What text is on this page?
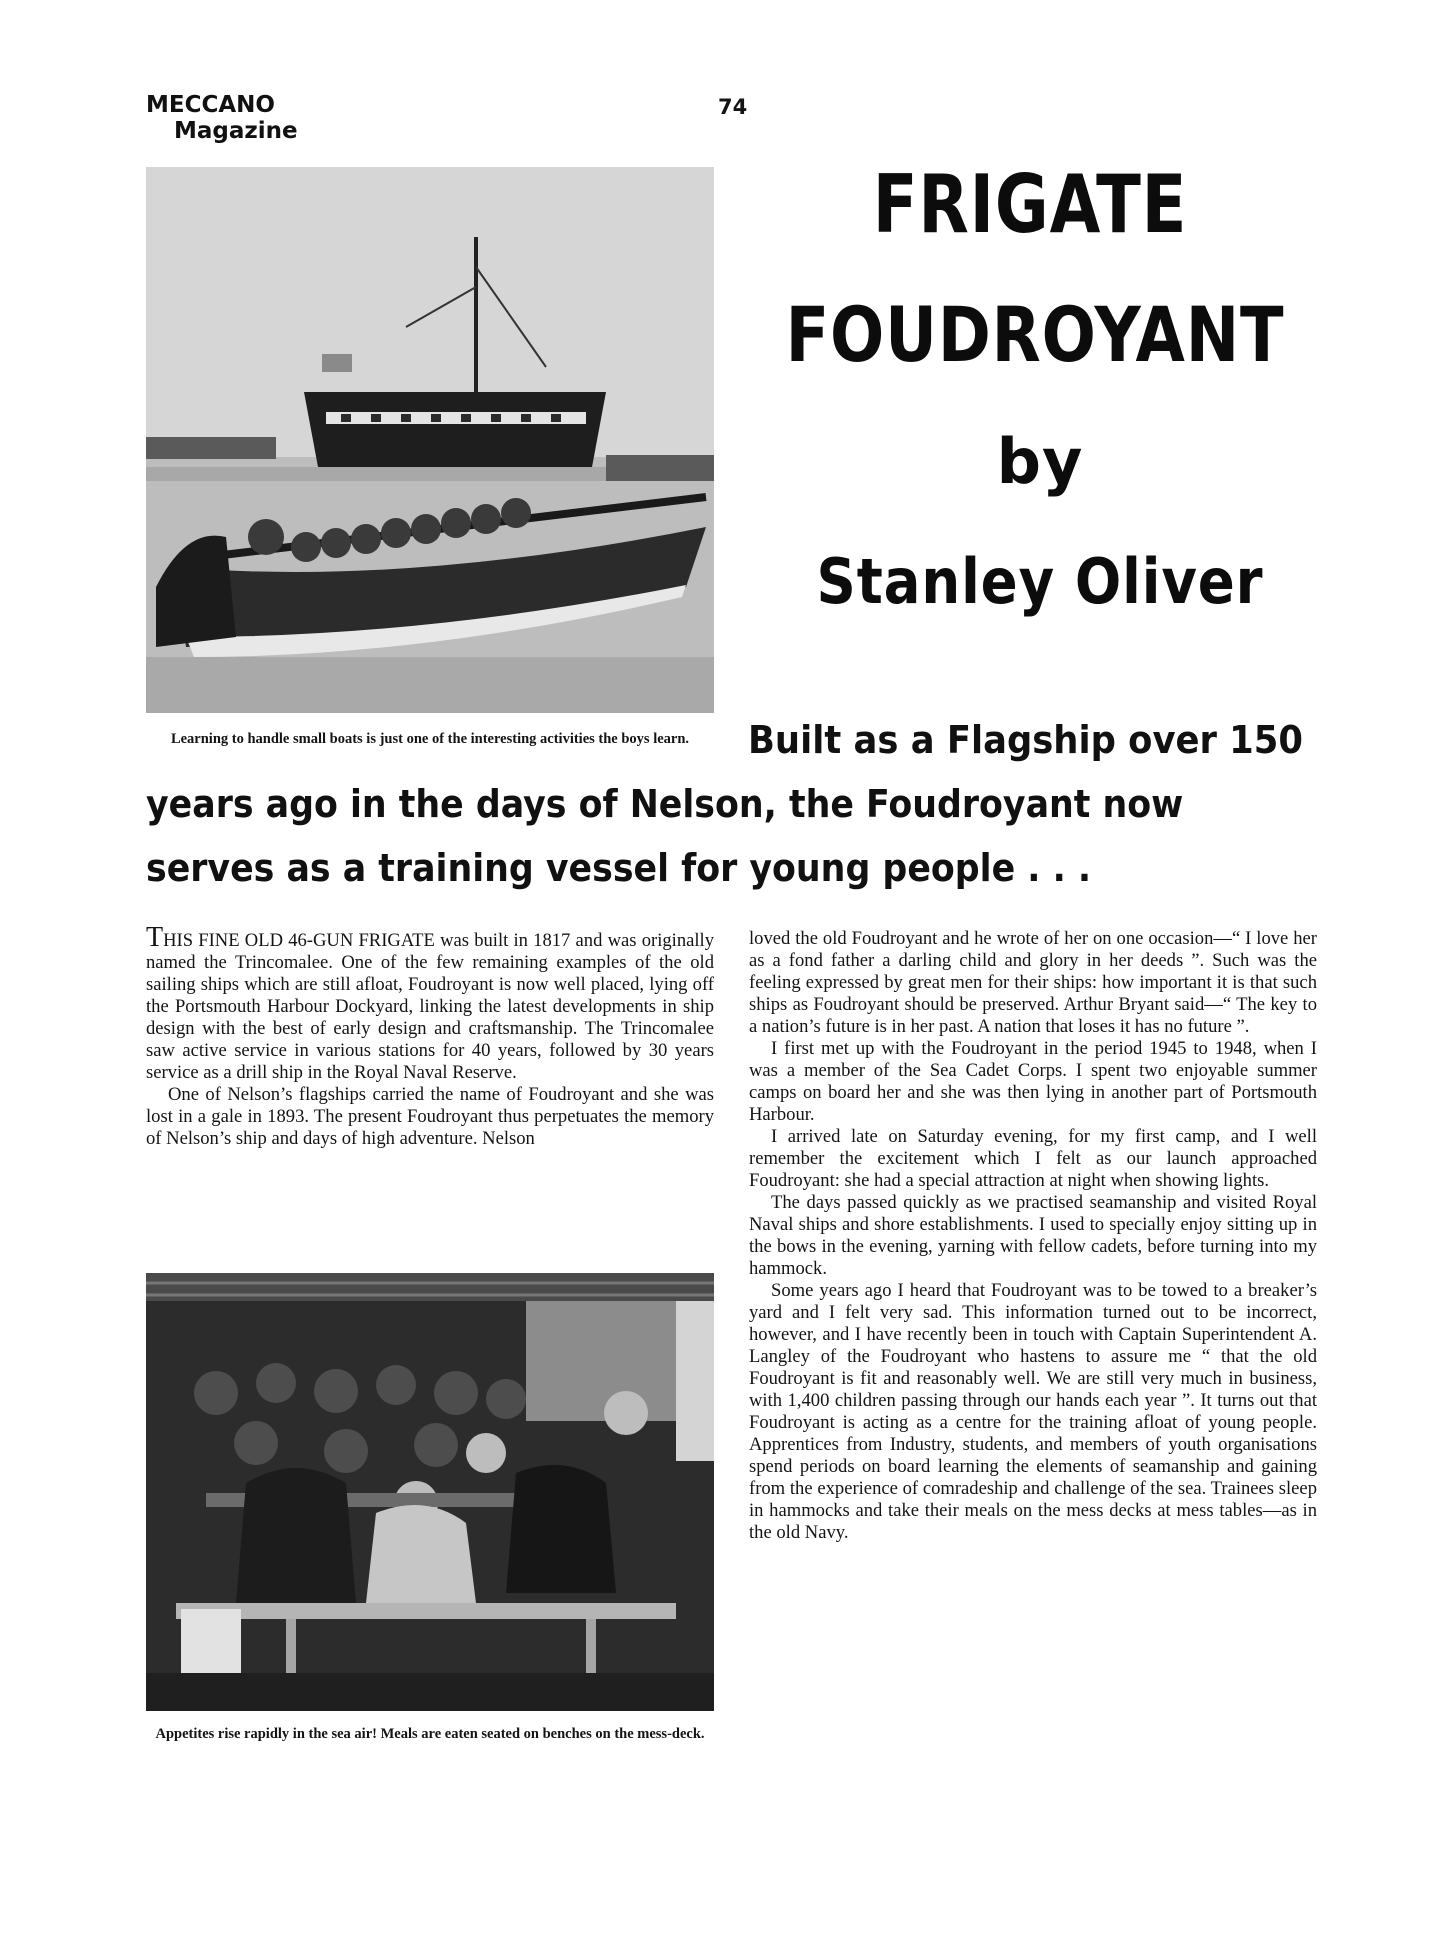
MECCANO
Magazine
74
Learning to handle small boats is just one of the interesting activities the boys learn.
FRIGATE
FOUDROYANT
by
Stanley Oliver
Built as a Flagship over 150
years ago in the days of Nelson, the Foudroyant now
serves as a training vessel for young people . . .

THIS FINE OLD 46-GUN FRIGATE was built in 1817 and was originally named the Trincomalee. One of the few remaining examples of the old sailing ships which are still afloat, Foudroyant is now well placed, lying off the Portsmouth Harbour Dockyard, linking the latest developments in ship design with the best of early design and craftsmanship. The Trincomalee saw active service in various stations for 40 years, followed by 30 years service as a drill ship in the Royal Naval Reserve.

One of Nelson’s flagships carried the name of Foudroyant and she was lost in a gale in 1893. The present Foudroyant thus perpetuates the memory of Nelson’s ship and days of high adventure. Nelson

Appetites rise rapidly in the sea air! Meals are eaten seated on benches on the mess-deck.

loved the old Foudroyant and he wrote of her on one occasion—“ I love her as a fond father a darling child and glory in her deeds ”. Such was the feeling expressed by great men for their ships: how important it is that such ships as Foudroyant should be preserved. Arthur Bryant said—“ The key to a nation’s future is in her past. A nation that loses it has no future ”.

I first met up with the Foudroyant in the period 1945 to 1948, when I was a member of the Sea Cadet Corps. I spent two enjoyable summer camps on board her and she was then lying in another part of Portsmouth Harbour.

I arrived late on Saturday evening, for my first camp, and I well remember the excitement which I felt as our launch approached Foudroyant: she had a special attraction at night when showing lights.

The days passed quickly as we practised seamanship and visited Royal Naval ships and shore establishments. I used to specially enjoy sitting up in the bows in the evening, yarning with fellow cadets, before turning into my hammock.

Some years ago I heard that Foudroyant was to be towed to a breaker’s yard and I felt very sad. This information turned out to be incorrect, however, and I have recently been in touch with Captain Superintendent A. Langley of the Foudroyant who hastens to assure me “ that the old Foudroyant is fit and reasonably well. We are still very much in business, with 1,400 children passing through our hands each year ”. It turns out that Foudroyant is acting as a centre for the training afloat of young people. Apprentices from Industry, students, and members of youth organisations spend periods on board learning the elements of seamanship and gaining from the experience of comradeship and challenge of the sea. Trainees sleep in hammocks and take their meals on the mess decks at mess tables—as in the old Navy.
